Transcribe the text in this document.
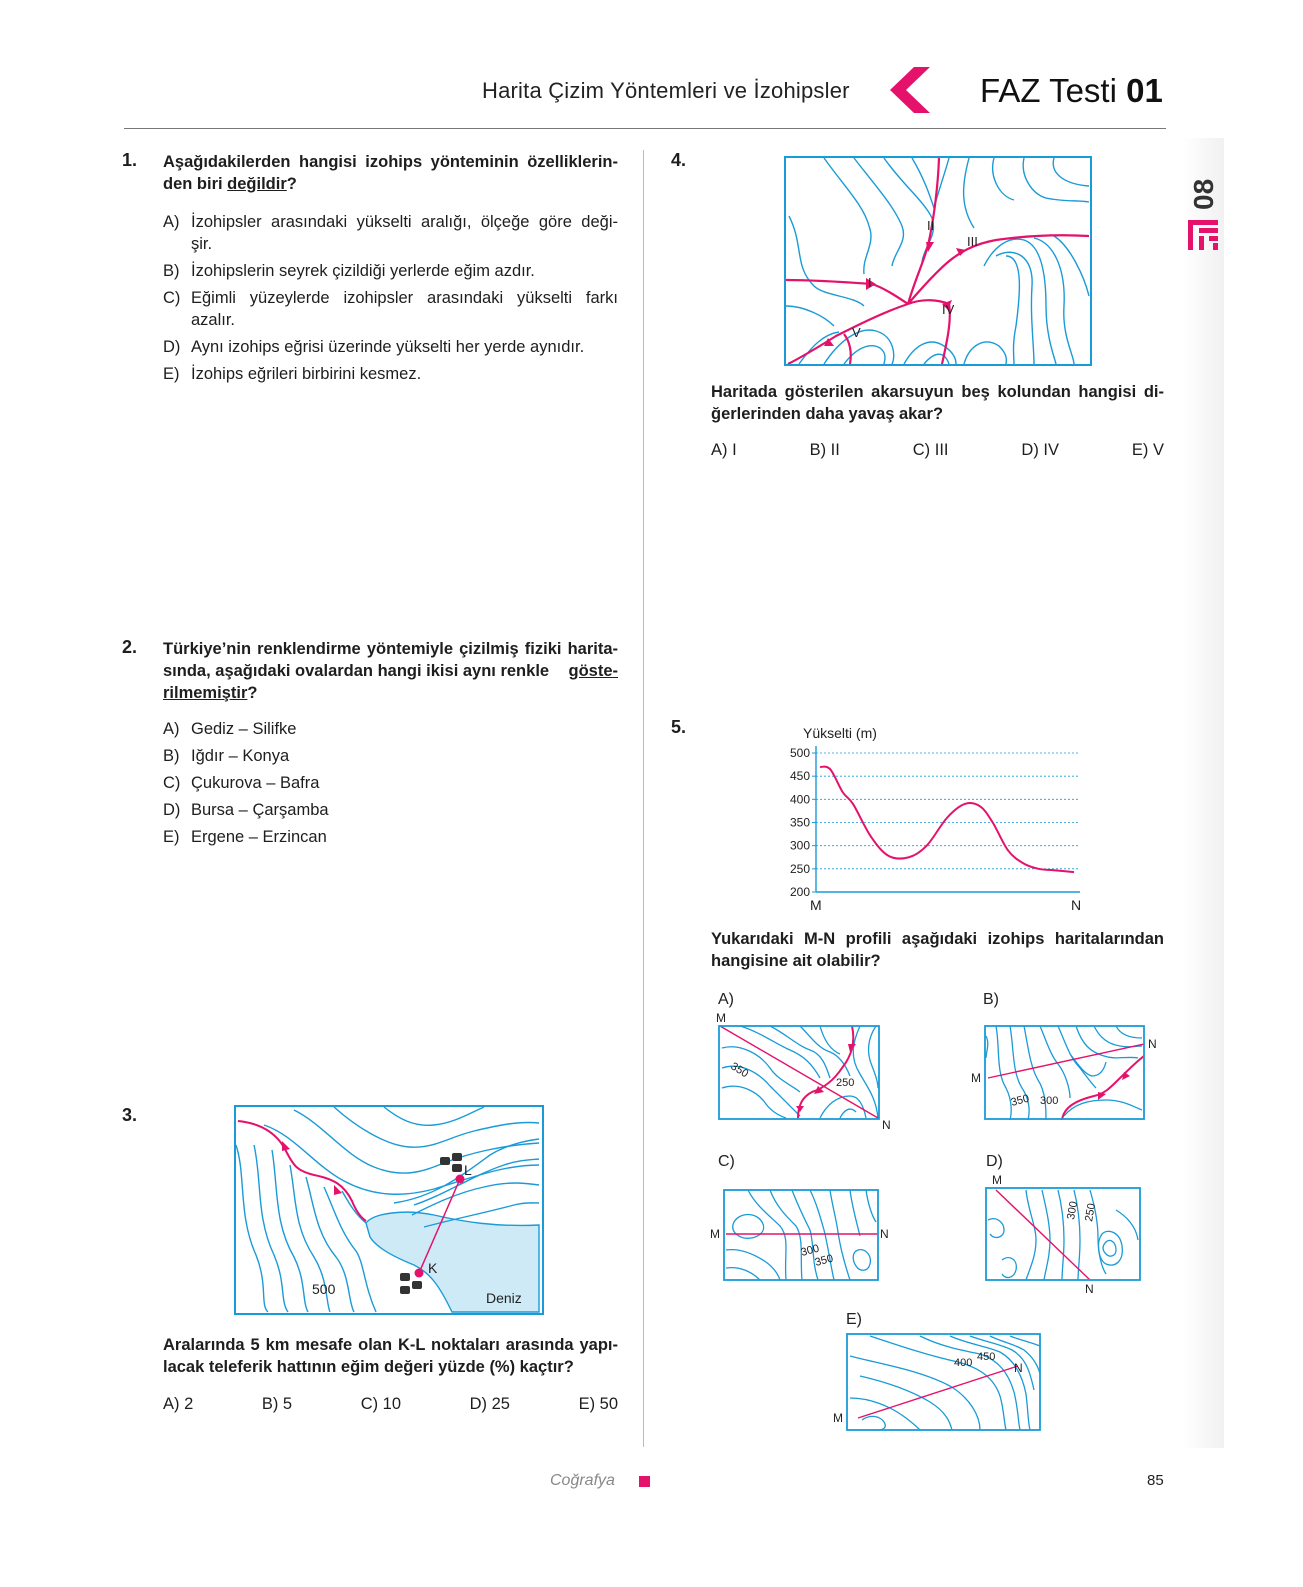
Harita Çizim Yöntemleri ve İzohipsler	FAZ Testi 01
08
1. Aşağıdakilerden hangisi izohips yönteminin özelliklerin-
den biri değildir?
A) İzohipsler arasındaki yükselti aralığı, ölçeğe göre deği-
şir.
B) İzohipslerin seyrek çizildiği yerlerde eğim azdır.
C) Eğimli yüzeylerde izohipsler arasındaki yükselti farkı
azalır.
D) Aynı izohips eğrisi üzerinde yükselti her yerde aynıdır.
E) İzohips eğrileri birbirini kesmez.
2. Türkiye’nin renklendirme yöntemiyle çizilmiş fiziki harita-
sında, aşağıdaki ovalardan hangi ikisi aynı renkle göste-
rilmemiştir?
A) Gediz – Silifke
B) Iğdır – Konya
C) Çukurova – Bafra
D) Bursa – Çarşamba
E) Ergene – Erzincan
3.
L
K
500
Deniz
Aralarında 5 km mesafe olan K-L noktaları arasında yapı-
lacak teleferik hattının eğim değeri yüzde (%) kaçtır?
A) 2	B) 5	C) 10	D) 25	E) 50
4.
I
II
III
IV
V
Haritada gösterilen akarsuyun beş kolundan hangisi di-
ğerlerinden daha yavaş akar?
A) I	B) II	C) III	D) IV	E) V
5.	Yükselti (m)
200
250
300
350
400
450
500
M	N
Yukarıdaki M-N profili aşağıdaki izohips haritalarından
hangisine ait olabilir?
A)
M
N
350
250
B)
M
N
350 300
C)
M	N
300
350
D)
M
N
300 250
E)
M
N
400 450
Coğrafya	85
